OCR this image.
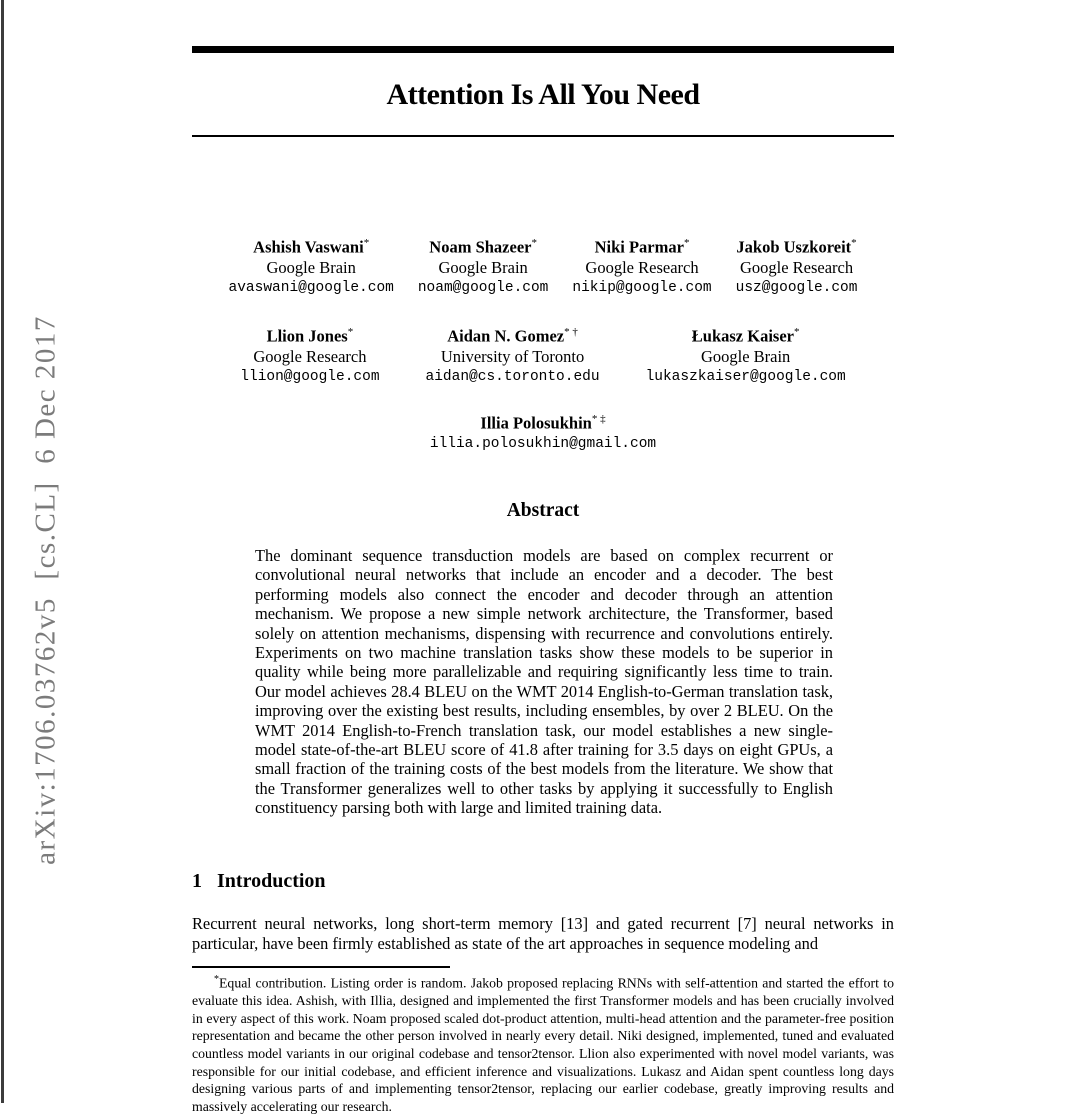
arXiv:1706.03762v5  [cs.CL]  6 Dec 2017
Attention Is All You Need
Ashish Vaswani*
Google Brain
avaswani@google.com
Noam Shazeer*
Google Brain
noam@google.com
Niki Parmar*
Google Research
nikip@google.com
Jakob Uszkoreit*
Google Research
usz@google.com
Llion Jones*
Google Research
llion@google.com
Aidan N. Gomez* †
University of Toronto
aidan@cs.toronto.edu
Łukasz Kaiser*
Google Brain
lukaszkaiser@google.com
Illia Polosukhin* ‡
illia.polosukhin@gmail.com
Abstract

The dominant sequence transduction models are based on complex recurrent or convolutional neural networks that include an encoder and a decoder. The best performing models also connect the encoder and decoder through an attention mechanism. We propose a new simple network architecture, the Transformer, based solely on attention mechanisms, dispensing with recurrence and convolutions entirely. Experiments on two machine translation tasks show these models to be superior in quality while being more parallelizable and requiring significantly less time to train. Our model achieves 28.4 BLEU on the WMT 2014 English-to-German translation task, improving over the existing best results, including ensembles, by over 2 BLEU. On the WMT 2014 English-to-French translation task, our model establishes a new single-model state-of-the-art BLEU score of 41.8 after training for 3.5 days on eight GPUs, a small fraction of the training costs of the best models from the literature. We show that the Transformer generalizes well to other tasks by applying it successfully to English constituency parsing both with large and limited training data.

1 Introduction

Recurrent neural networks, long short-term memory [13] and gated recurrent [7] neural networks in particular, have been firmly established as state of the art approaches in sequence modeling and

*Equal contribution. Listing order is random. Jakob proposed replacing RNNs with self-attention and started the effort to evaluate this idea. Ashish, with Illia, designed and implemented the first Transformer models and has been crucially involved in every aspect of this work. Noam proposed scaled dot-product attention, multi-head attention and the parameter-free position representation and became the other person involved in nearly every detail. Niki designed, implemented, tuned and evaluated countless model variants in our original codebase and tensor2tensor. Llion also experimented with novel model variants, was responsible for our initial codebase, and efficient inference and visualizations. Lukasz and Aidan spent countless long days designing various parts of and implementing tensor2tensor, replacing our earlier codebase, greatly improving results and massively accelerating our research.
